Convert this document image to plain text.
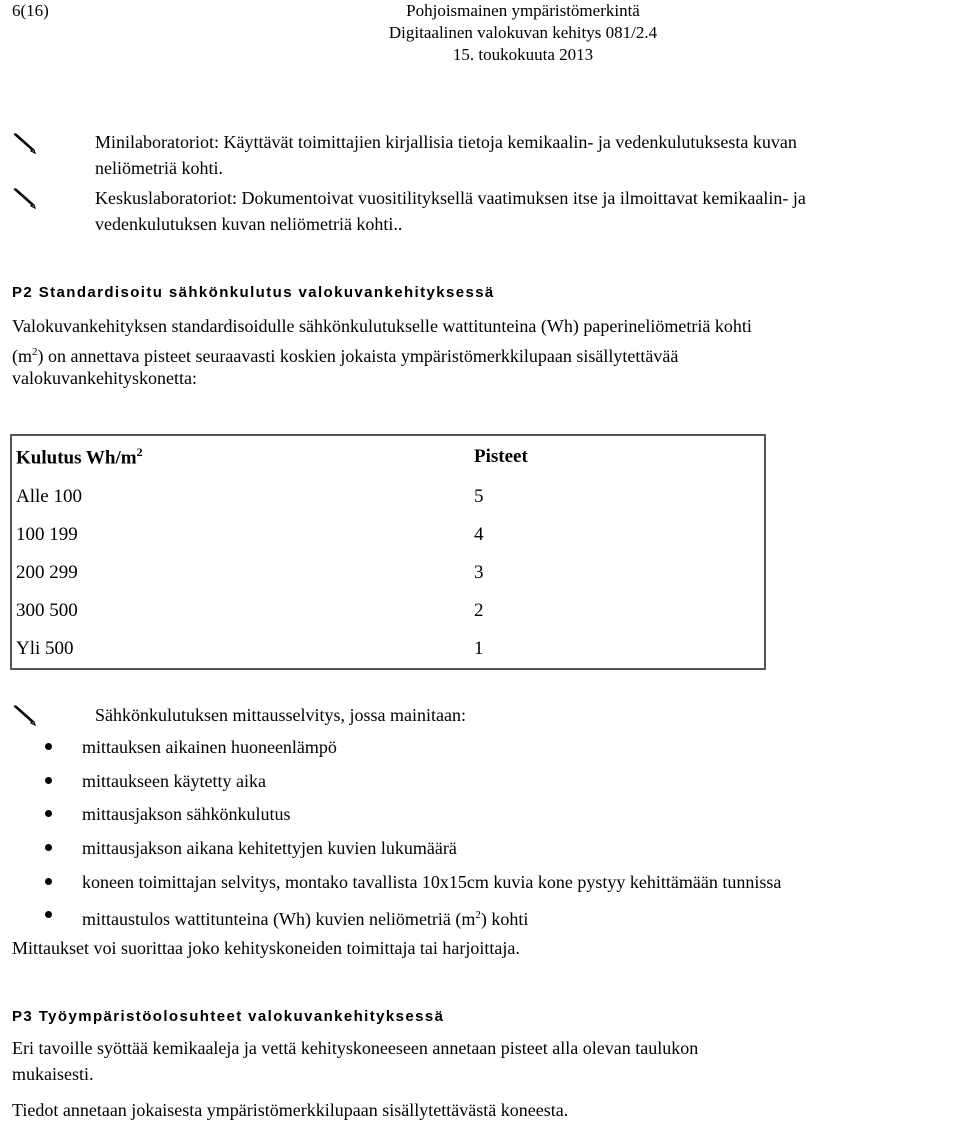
6(16)	Pohjoismainen ympäristömerkintä
Digitaalinen valokuvan kehitys 081/2.4
15. toukokuuta 2013
Minilaboratoriot: Käyttävät toimittajien kirjallisia tietoja kemikaalin- ja vedenkulutuksesta kuvan
neliömetriä kohti.
Keskuslaboratoriot: Dokumentoivat vuositilityksellä vaatimuksen itse ja ilmoittavat kemikaalin- ja
vedenkulutuksen kuvan neliömetriä kohti..
P2 Standardisoitu sähkönkulutus valokuvankehityksessä
Valokuvankehityksen standardisoidulle sähkönkulutukselle wattitunteina (Wh) paperineliömetriä kohti
$(m^2)$ on annettava pisteet seuraavasti koskien jokaista ympäristömerkkilupaan sisällytettävää
valokuvankehityskonetta:
Kulutus $Wh/m^2$	Pisteet
Alle 100	5
100 199	4
200 299	3
300 500	2
Yli 500	1
Sähkönkulutuksen mittausselvitys, jossa mainitaan:
mittauksen aikainen huoneenlämpö
mittaukseen käytetty aika
mittausjakson sähkönkulutus
mittausjakson aikana kehitettyjen kuvien lukumäärä
koneen toimittajan selvitys, montako tavallista 10x15cm kuvia kone pystyy kehittämään tunnissa
mittaustulos wattitunteina (Wh) kuvien neliömetriä $(m^2)$ kohti
Mittaukset voi suorittaa joko kehityskoneiden toimittaja tai harjoittaja.
P3 Työympäristöolosuhteet valokuvankehityksessä
Eri tavoille syöttää kemikaaleja ja vettä kehityskoneeseen annetaan pisteet alla olevan taulukon
mukaisesti.
Tiedot annetaan jokaisesta ympäristömerkkilupaan sisällytettävästä koneesta.
